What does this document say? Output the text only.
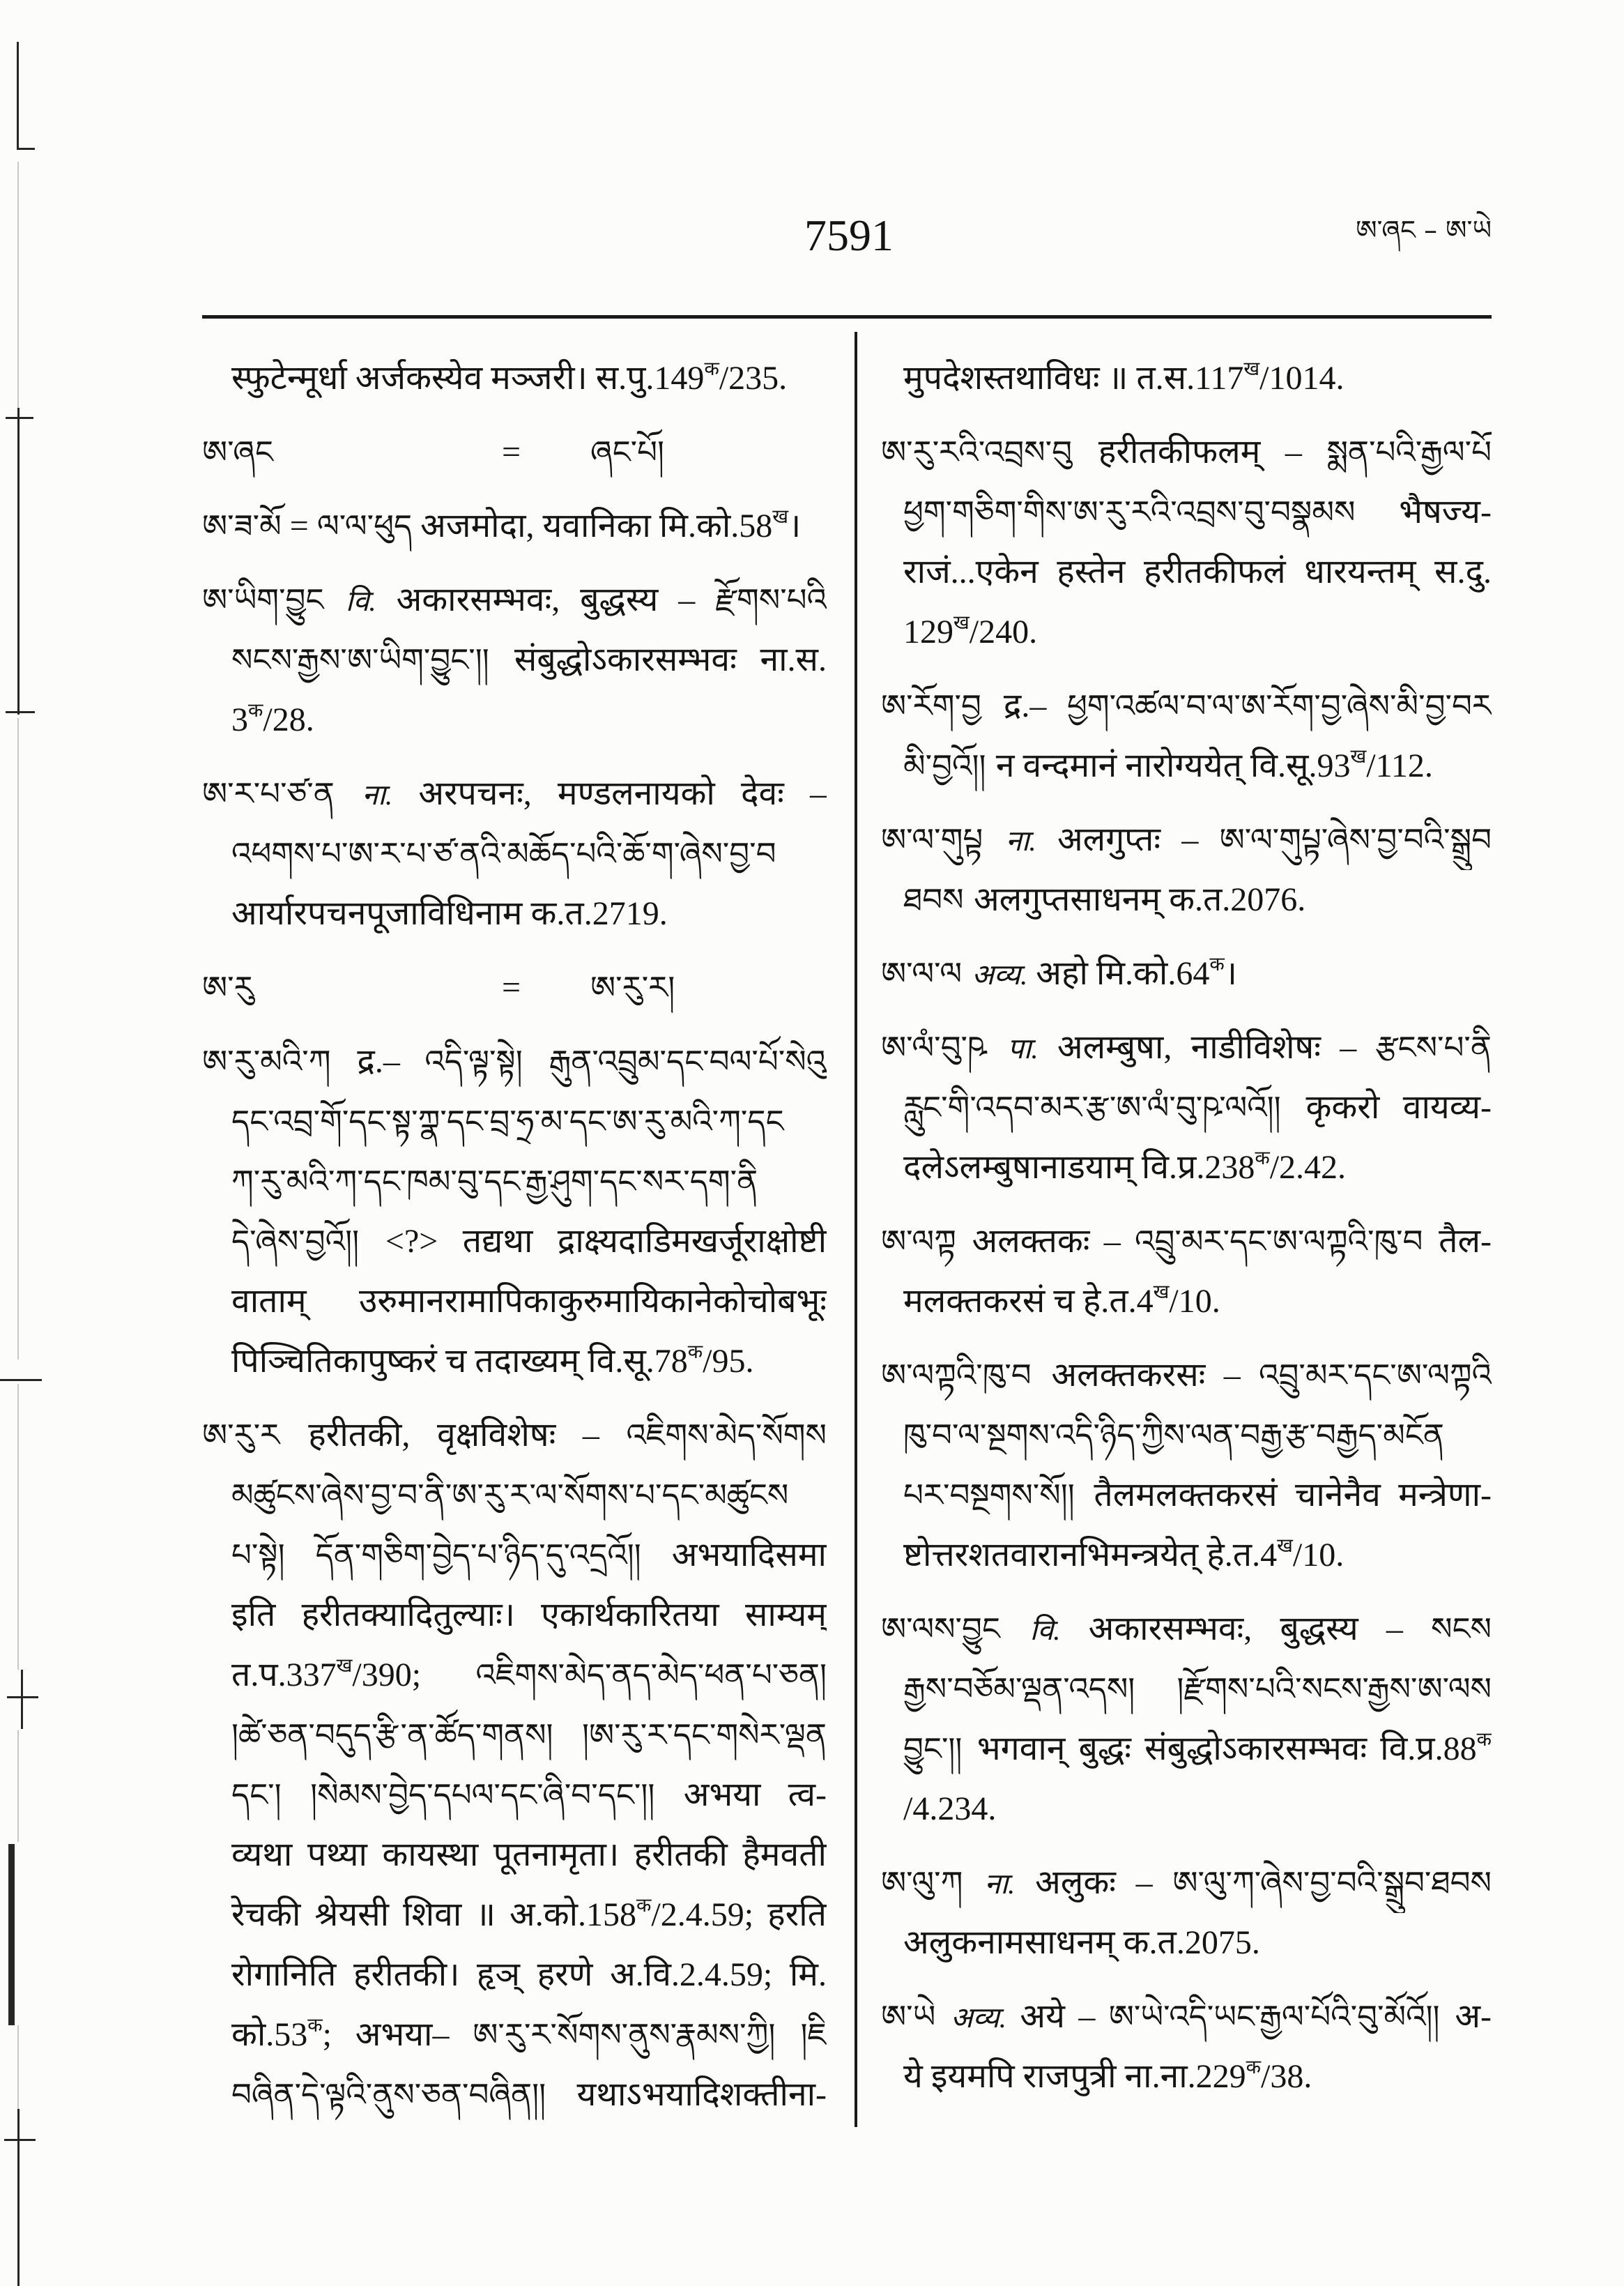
7591	ཨ་ཞང – ཨ་ཡེ
स्फुटेन्मूर्धा अर्जकस्येव मञ्जरी। $स.पु.149^क/235$.
ཨ་ཞང	= ཞང་པོ།
ཨ་ཟ་མོ = ལ་ལ་ཕུད अजमोदा, यवानिका $मि.को.58^ख।$
ཨ་ཡིག་བྱུང वि. अकारसम्भवः, बुद्धस्य – རྫོགས་པའི
སངས་རྒྱས་ཨ་ཡིག་བྱུང་།། संबुद्धोऽकारसम्भवः ना.स.
$3^क/28$.
ཨ་ར་པ་ཙ་ན ना. अरपचनः, मण्डलनायको देवः –
འཕགས་པ་ཨ་ར་པ་ཙ་ནའི་མཆོད་པའི་ཆོ་ག་ཞེས་བྱ་བ
आर्यारपचनपूजाविधिनाम क.त.2719.
ཨ་རུ	= ཨ་རུ་ར།
ཨ་རུ་མའི་ཀ द्र.– འདི་ལྟ་སྟེ། རྒུན་འབྲུམ་དང་བལ་པོ་སེའུ
དང་འབྲ་གོ་དང་སྟ་ཀྣ་དང་བྲ་ཧྲ་མ་དང་ཨ་རུ་མའི་ཀ་དང
ཀ་རུ་མའི་ཀ་དང་ཁམ་བུ་དང་རྒྱ་ཤུག་དང་སར་དག་ནི
དེ་ཞེས་བྱའོ།། <?> तद्यथा द्राक्ष्यदाडिमखर्जूराक्षोष्टी
वाताम् उरुमानरामापिकाकुरुमायिकानेकोचोबभूः
पिञ्चितिकापुष्करं च तदाख्यम् $वि.सू.78^क/95$.
ཨ་རུ་ར हरीतकी, वृक्षविशेषः – འཇིགས་མེད་སོགས
མཚུངས་ཞེས་བྱ་བ་ནི་ཨ་རུ་ར་ལ་སོགས་པ་དང་མཚུངས
པ་སྟེ། དོན་གཅིག་བྱེད་པ་ཉིད་དུ་འདྲའོ།། अभयादिसमा
इति हरीतक्यादितुल्याः। एकार्थकारितया साम्यम्
$त.प.337^ख/390$; འཇིགས་མེད་ནད་མེད་ཕན་པ་ཅན།
།ཚེ་ཅན་བདུད་རྩི་ན་ཚོད་གནས། །ཨ་རུ་ར་དང་གསེར་ལྡན
དང་། །སེམས་བྱེད་དཔལ་དང་ཞི་བ་དང་།། अभया त्व-
व्यथा पथ्या कायस्था पूतनामृता। हरीतकी हैमवती
रेचकी श्रेयसी शिवा ॥ $अ.को.158^क/2.4.59$; हरति
रोगानिति हरीतकी। हृञ् हरणे अ.वि.2.4.59; मि.
$को.53^क$; अभया– ཨ་རུ་ར་སོགས་ནུས་རྣམས་ཀྱི། །ཇི
བཞིན་དེ་ལྟའི་ནུས་ཅན་བཞིན།། यथाऽभयादिशक्तीना-
मुपदेशस्तथाविधः ॥ $त.स.117^ख/1014$.
ཨ་རུ་རའི་འབྲས་བུ हरीतकीफलम् – སྨན་པའི་རྒྱལ་པོ
ཕྱག་གཅིག་གིས་ཨ་རུ་རའི་འབྲས་བུ་བསྣམས भैषज्य-
राजं...एकेन हस्तेन हरीतकीफलं धारयन्तम् स.दु.
$129^ख/240$.
ཨ་རོག་བྱ द्र.– ཕྱག་འཚལ་བ་ལ་ཨ་རོག་བྱ་ཞེས་མི་བྱ་བར
མི་བྱའོ།། न वन्दमानं नारोग्ययेत् $वि.सू.93^ख/112$.
ཨ་ལ་གུཔྟ ना. अलगुप्तः – ཨ་ལ་གུཔྟ་ཞེས་བྱ་བའི་སྒྲུབ
ཐབས अलगुप्तसाधनम् क.त.2076.
ཨ་ལ་ལ अव्य. अहो $मि.को.64^क।$
ཨ་ལཾ་བུ་ཥ पा. अलम्बुषा, नाडीविशेषः – རྩངས་པ་ནི
རླུང་གི་འདབ་མར་རྩ་ཨ་ལཾ་བུ་ཥ་ལའོ།། कृकरो वायव्य-
दलेऽलम्बुषानाडयाम् $वि.प्र.238^क/2.42$.
ཨ་ལཀྟ अलक्तकः – འབྲུ་མར་དང་ཨ་ལཀྟའི་ཁུ་བ तैल-
मलक्तकरसं च $हे.त.4^ख/10$.
ཨ་ལཀྟའི་ཁུ་བ अलक्तकरसः – འབྲུ་མར་དང་ཨ་ལཀྟའི
ཁུ་བ་ལ་སྔགས་འདི་ཉིད་ཀྱིས་ལན་བརྒྱ་རྩ་བརྒྱད་མངོན
པར་བསྔགས་སོ།། तैलमलक्तकरसं चानेनैव मन्त्रेणा-
ष्टोत्तरशतवारानभिमन्त्रयेत् $हे.त.4^ख/10$.
ཨ་ལས་བྱུང वि. अकारसम्भवः, बुद्धस्य – སངས
རྒྱས་བཅོམ་ལྡན་འདས། །རྫོགས་པའི་སངས་རྒྱས་ཨ་ལས
བྱུང་།། भगवान् बुद्धः संबुद्धोऽकारसम्भवः $वि.प्र.88^क$
/4.234.
ཨ་ལུ་ཀ ना. अलुकः – ཨ་ལུ་ཀ་ཞེས་བྱ་བའི་སྒྲུབ་ཐབས
अलुकनामसाधनम् क.त.2075.
ཨ་ཡེ अव्य. अये – ཨ་ཡེ་འདི་ཡང་རྒྱལ་པོའི་བུ་མོའོ།། अ-
ये इयमपि राजपुत्री $ना.ना.229^क/38$.
